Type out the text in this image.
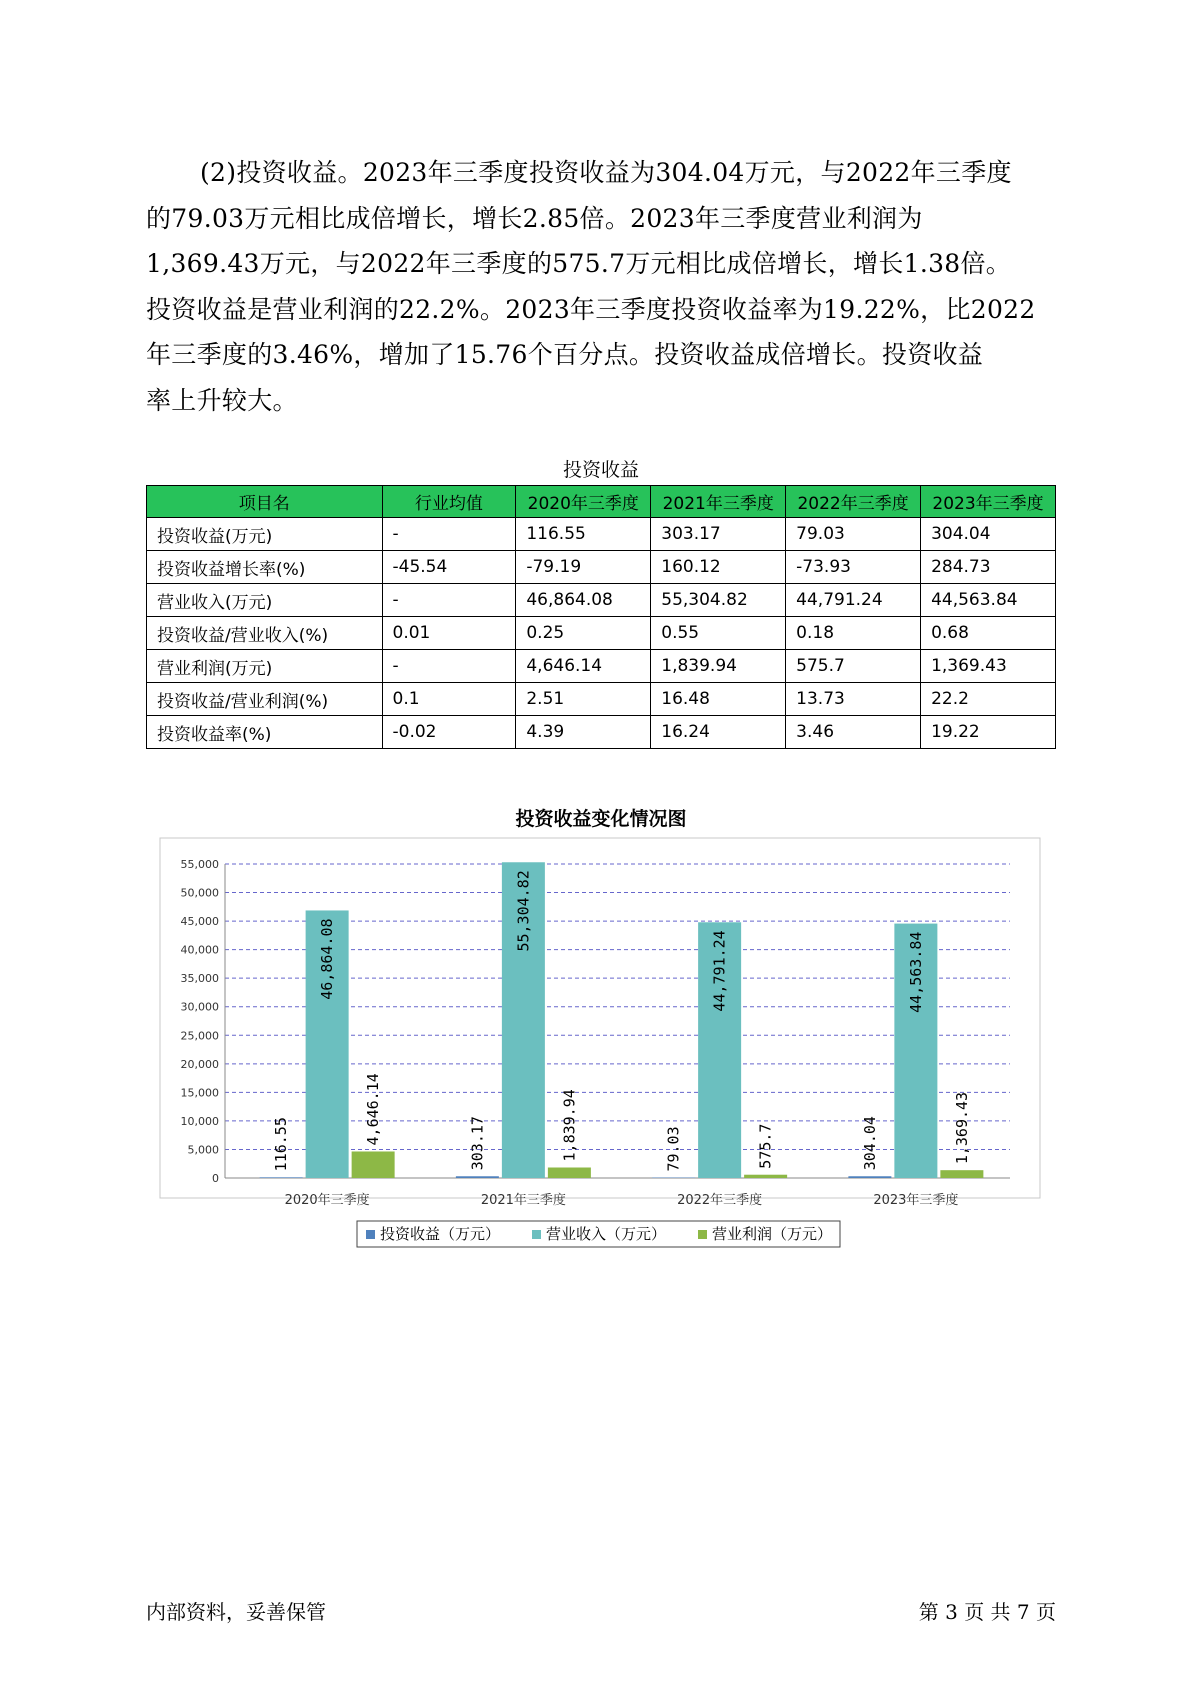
(2)投资收益。2023年三季度投资收益为304.04万元，与2022年三季度
的79.03万元相比成倍增长，增长2.85倍。2023年三季度营业利润为
1,369.43万元，与2022年三季度的575.7万元相比成倍增长，增长1.38倍。
投资收益是营业利润的22.2%。2023年三季度投资收益率为19.22%，比2022
年三季度的3.46%，增加了15.76个百分点。投资收益成倍增长。投资收益
率上升较大。
投资收益
项目名	行业均值	2020年三季度	2021年三季度	2022年三季度	2023年三季度
投资收益(万元)	-	116.55	303.17	79.03	304.04
投资收益增长率(%)	-45.54	-79.19	160.12	-73.93	284.73
营业收入(万元)	-	46,864.08	55,304.82	44,791.24	44,563.84
投资收益/营业收入(%)	0.01	0.25	0.55	0.18	0.68
营业利润(万元)	-	4,646.14	1,839.94	575.7	1,369.43
投资收益/营业利润(%)	0.1	2.51	16.48	13.73	22.2
投资收益率(%)	-0.02	4.39	16.24	3.46	19.22
投资收益变化情况图
0
5,000
10,000
15,000
20,000
25,000
30,000
35,000
40,000
45,000
50,000
55,000
116.55
46,864.08
4,646.14
2020年三季度
303.17
55,304.82
1,839.94
2021年三季度
79.03
44,791.24
575.7
2022年三季度
304.04
44,563.84
1,369.43
2023年三季度
投资收益（万元）	营业收入（万元）	营业利润（万元）
内部资料，妥善保管	第 3 页 共 7 页
